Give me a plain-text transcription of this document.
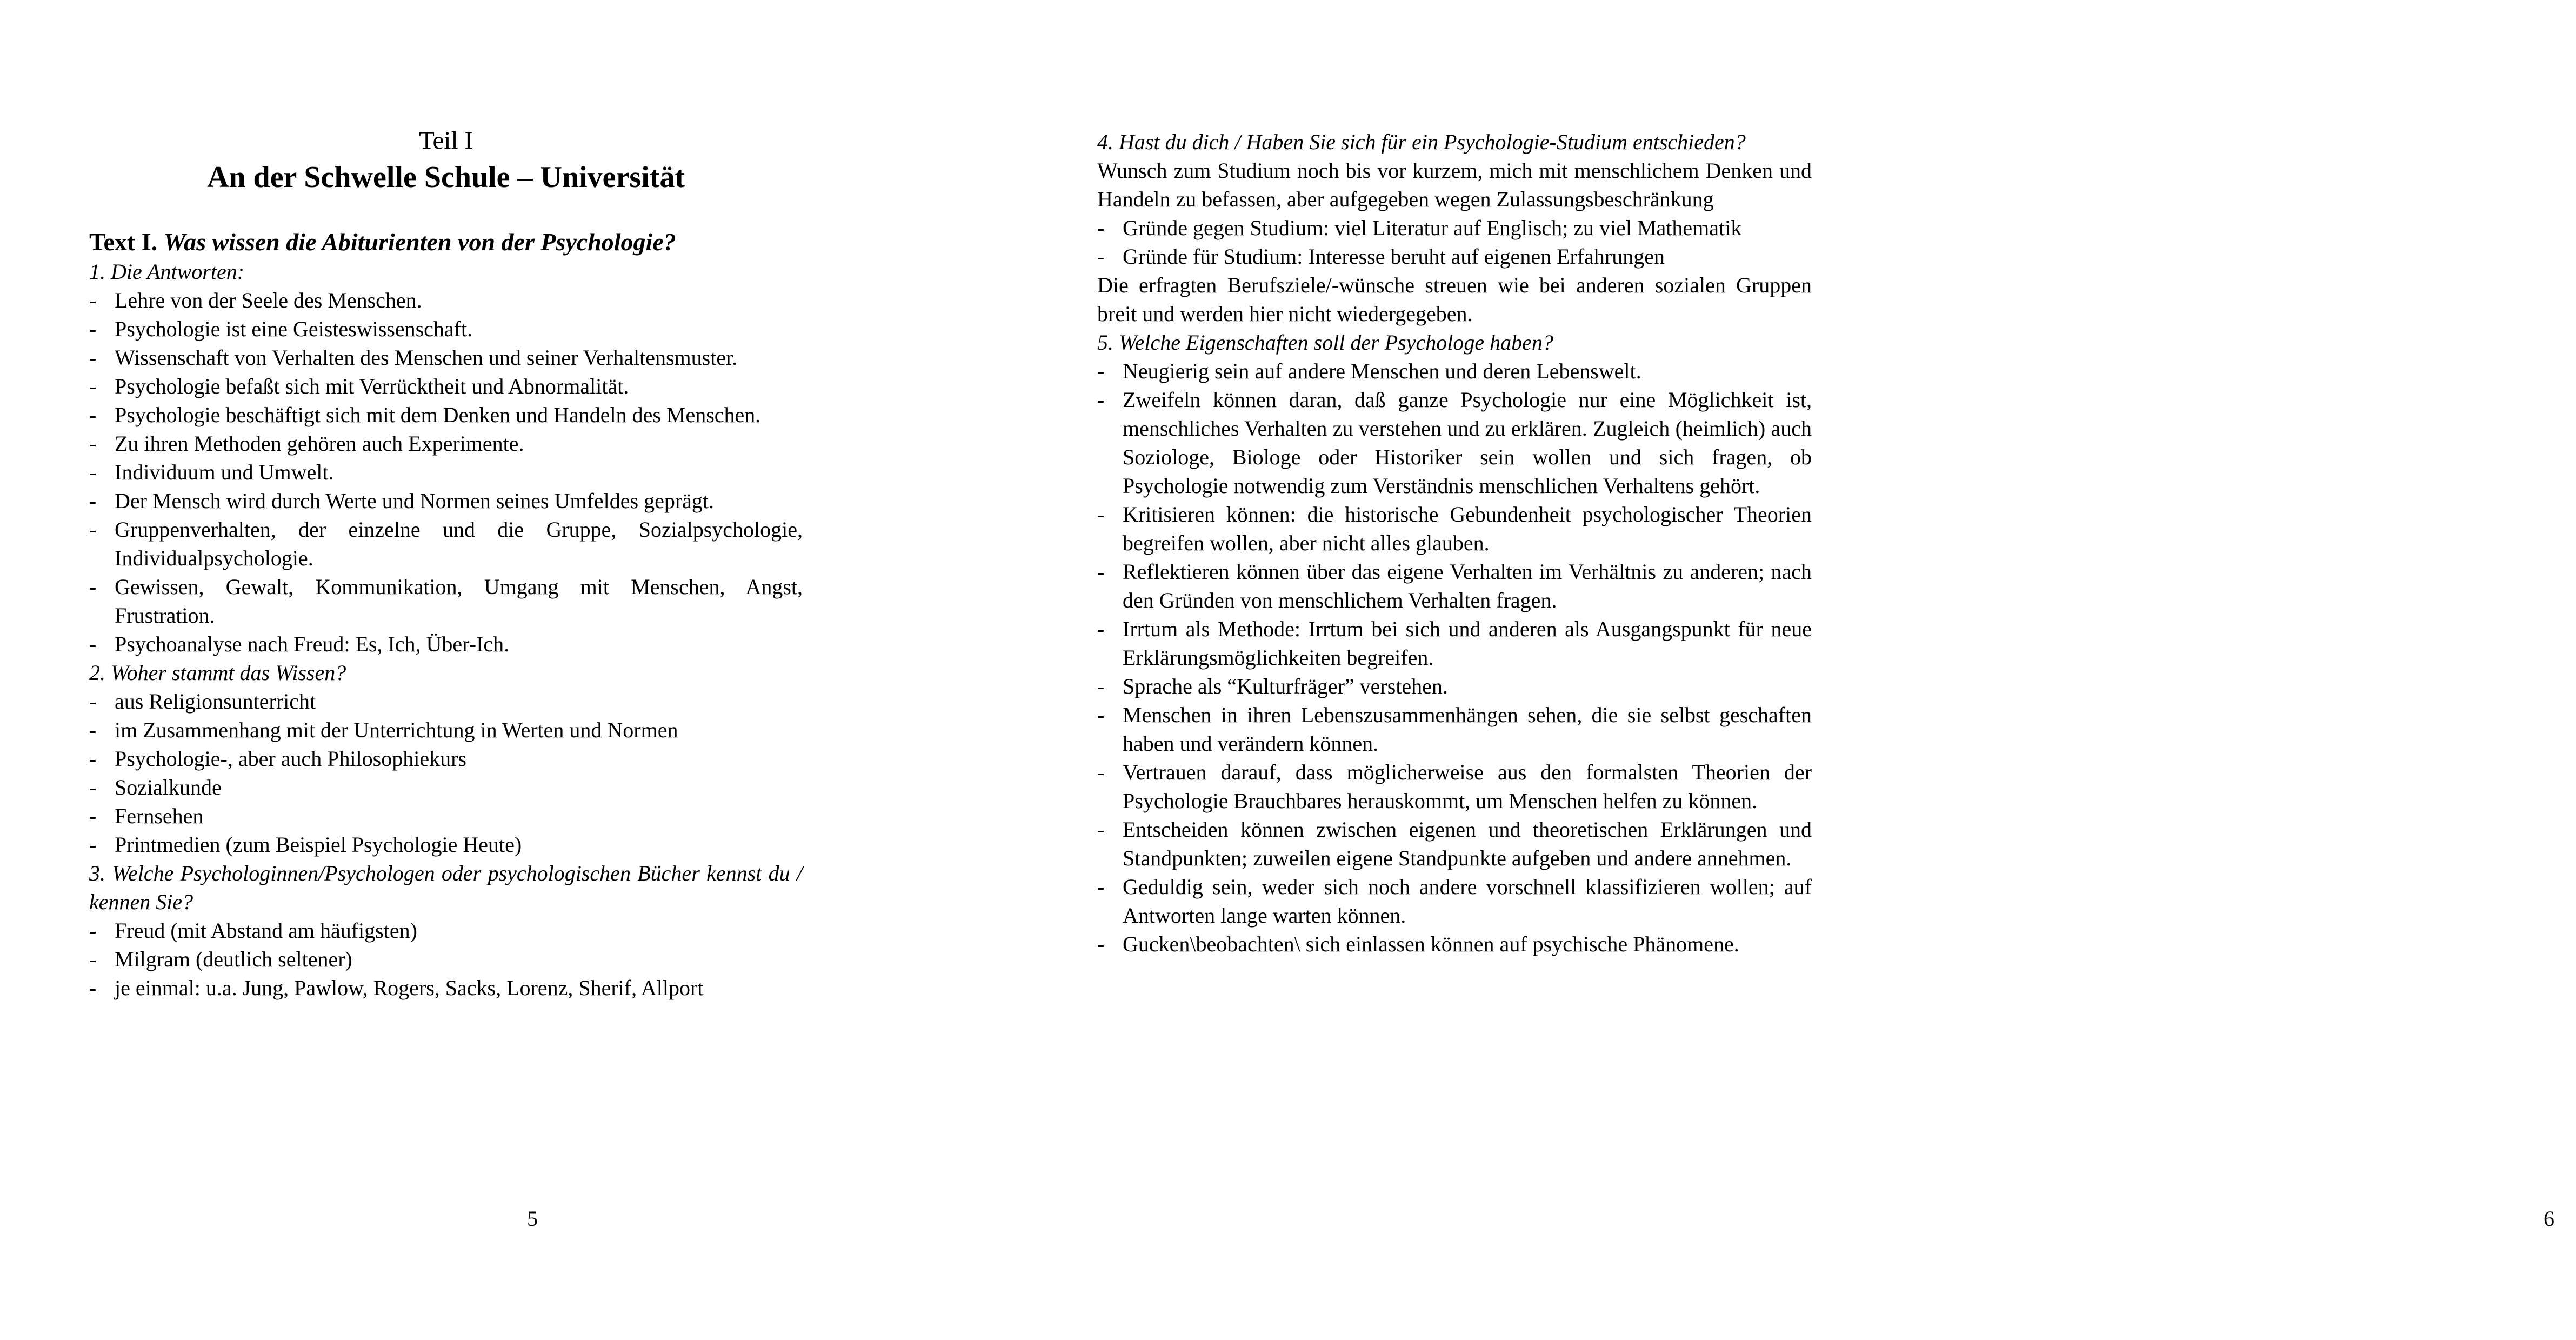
Teil I
An der Schwelle Schule – Universität
Text I. Was wissen die Abiturienten von der Psychologie?
1. Die Antworten:
- Lehre von der Seele des Menschen.
- Psychologie ist eine Geisteswissenschaft.
- Wissenschaft von Verhalten des Menschen und seiner Verhaltensmuster.
- Psychologie befaßt sich mit Verrücktheit und Abnormalität.
- Psychologie beschäftigt sich mit dem Denken und Handeln des Menschen.
- Zu ihren Methoden gehören auch Experimente.
- Individuum und Umwelt.
- Der Mensch wird durch Werte und Normen seines Umfeldes geprägt.
- Gruppenverhalten, der einzelne und die Gruppe, Sozialpsychologie, Individualpsychologie.
- Gewissen, Gewalt, Kommunikation, Umgang mit Menschen, Angst, Frustration.
- Psychoanalyse nach Freud: Es, Ich, Über-Ich.
2. Woher stammt das Wissen?
- aus Religionsunterricht
- im Zusammenhang mit der Unterrichtung in Werten und Normen
- Psychologie-, aber auch Philosophiekurs
- Sozialkunde
- Fernsehen
- Printmedien (zum Beispiel Psychologie Heute)
3. Welche Psychologinnen/Psychologen oder psychologischen Bücher kennst du / kennen Sie?
- Freud (mit Abstand am häufigsten)
- Milgram (deutlich seltener)
- je einmal: u.a. Jung, Pawlow, Rogers, Sacks, Lorenz, Sherif, Allport
5
4. Hast du dich / Haben Sie sich für ein Psychologie-Studium entschieden?
Wunsch zum Studium noch bis vor kurzem, mich mit menschlichem Denken und Handeln zu befassen, aber aufgegeben wegen Zulassungsbeschränkung
- Gründe gegen Studium: viel Literatur auf Englisch; zu viel Mathematik
- Gründe für Studium: Interesse beruht auf eigenen Erfahrungen
Die erfragten Berufsziele/-wünsche streuen wie bei anderen sozialen Gruppen breit und werden hier nicht wiedergegeben.
5. Welche Eigenschaften soll der Psychologe haben?
- Neugierig sein auf andere Menschen und deren Lebenswelt.
- Zweifeln können daran, daß ganze Psychologie nur eine Möglichkeit ist, menschliches Verhalten zu verstehen und zu erklären. Zugleich (heimlich) auch Soziologe, Biologe oder Historiker sein wollen und sich fragen, ob Psychologie notwendig zum Verständnis menschlichen Verhaltens gehört.
- Kritisieren können: die historische Gebundenheit psychologischer Theorien begreifen wollen, aber nicht alles glauben.
- Reflektieren können über das eigene Verhalten im Verhältnis zu anderen; nach den Gründen von menschlichem Verhalten fragen.
- Irrtum als Methode: Irrtum bei sich und anderen als Ausgangspunkt für neue Erklärungsmöglichkeiten begreifen.
- Sprache als “Kulturfräger” verstehen.
- Menschen in ihren Lebenszusammenhängen sehen, die sie selbst geschaften haben und verändern können.
- Vertrauen darauf, dass möglicherweise aus den formalsten Theorien der Psychologie Brauchbares herauskommt, um Menschen helfen zu können.
- Entscheiden können zwischen eigenen und theoretischen Erklärungen und Standpunkten; zuweilen eigene Standpunkte aufgeben und andere annehmen.
- Geduldig sein, weder sich noch andere vorschnell klassifizieren wollen; auf Antworten lange warten können.
- Gucken\beobachten\ sich einlassen können auf psychische Phänomene.
6
